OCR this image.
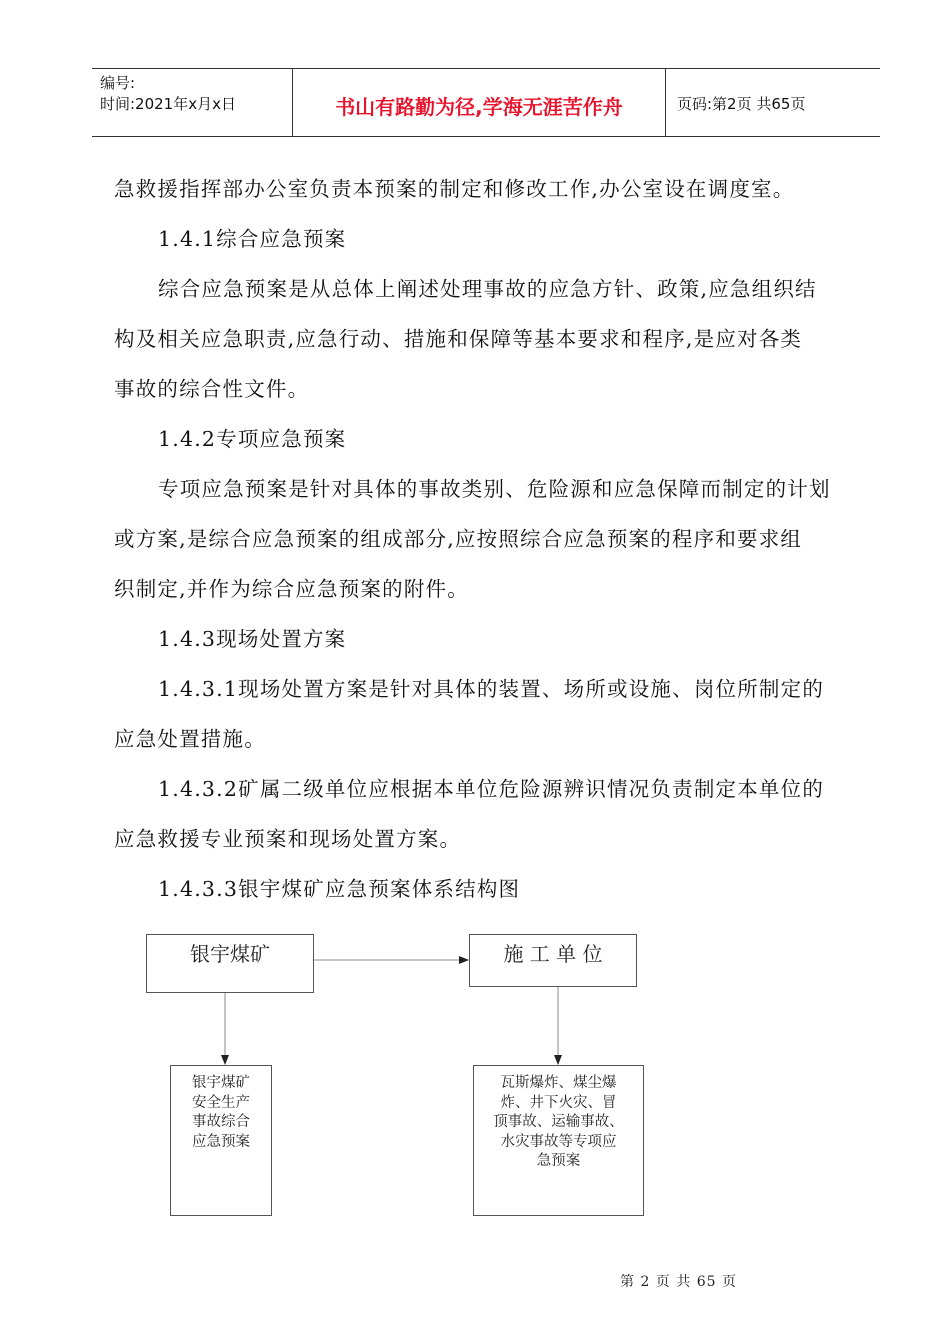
编号:
时间:2021年x月x日	书山有路勤为径,学海无涯苦作舟	页码:第2页 共65页
急救援指挥部办公室负责本预案的制定和修改工作,办公室设在调度室。
1.4.1综合应急预案
综合应急预案是从总体上阐述处理事故的应急方针、政策,应急组织结
构及相关应急职责,应急行动、措施和保障等基本要求和程序,是应对各类
事故的综合性文件。
1.4.2专项应急预案
专项应急预案是针对具体的事故类别、危险源和应急保障而制定的计划
或方案,是综合应急预案的组成部分,应按照综合应急预案的程序和要求组
织制定,并作为综合应急预案的附件。
1.4.3现场处置方案
1.4.3.1现场处置方案是针对具体的装置、场所或设施、岗位所制定的
应急处置措施。
1.4.3.2矿属二级单位应根据本单位危险源辨识情况负责制定本单位的
应急救援专业预案和现场处置方案。
1.4.3.3银宇煤矿应急预案体系结构图
银宇煤矿	施 工 单 位
银宇煤矿
安全生产
事故综合
应急预案
瓦斯爆炸、煤尘爆
炸、井下火灾、冒
顶事故、运输事故、
水灾事故等专项应
急预案
第 2 页 共 65 页
